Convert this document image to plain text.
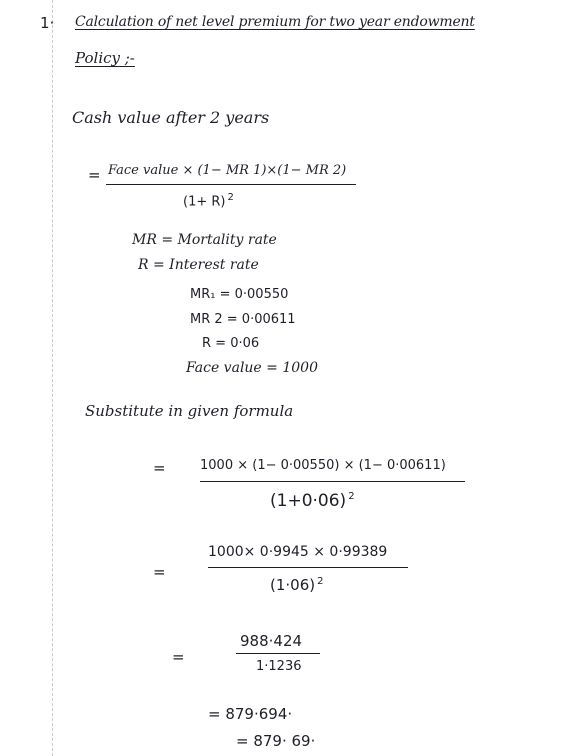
1· Calculation of net level premium for two year endowment
Policy ;-
Cash value after 2 years
= Face value × (1− MR 1)×(1− MR 2)
(1+ R) $^2$
MR = Mortality rate
R = Interest rate
MR₁ = 0·00550
MR 2 = 0·00611
R = 0·06
Face value = 1000
Substitute in given formula
=	1000 × (1− 0·00550) × (1− 0·00611)
(1+0·06) $^2$
=
1000× 0·9945 × 0·99389
(1·06) $^2$
=
988·424
1·1236
= 879·694·
= 879· 69·
